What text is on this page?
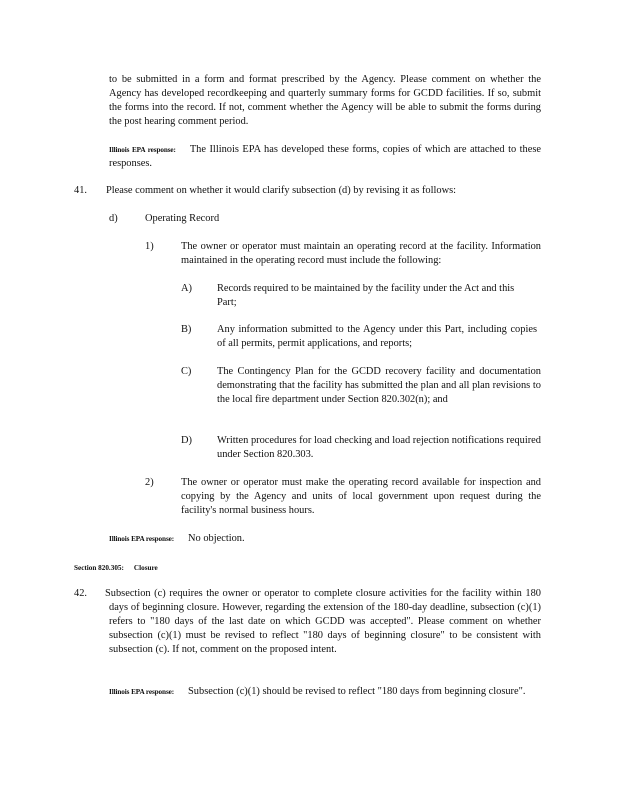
to be submitted in a form and format prescribed by the Agency. Please comment on whether the Agency has developed recordkeeping and quarterly summary forms for GCDD facilities. If so, submit the forms into the record. If not, comment whether the Agency will be able to submit the forms during the post hearing comment period.
Illinois EPA response: The Illinois EPA has developed these forms, copies of which are attached to these responses.
41. Please comment on whether it would clarify subsection (d) by revising it as follows:
d)	Operating Record
1)	The owner or operator must maintain an operating record at the facility. Information maintained in the operating record must include the following:
A) Records required to be maintained by the facility under the Act and this Part;
B) Any information submitted to the Agency under this Part, including copies of all permits, permit applications, and reports;
C) The Contingency Plan for the GCDD recovery facility and documentation demonstrating that the facility has submitted the plan and all plan revisions to the local fire department under Section 820.302(n); and
D) Written procedures for load checking and load rejection notifications required under Section 820.303.
2)	The owner or operator must make the operating record available for inspection and copying by the Agency and units of local government upon request during the facility's normal business hours.
Illinois EPA response: No objection.
Section 820.305: Closure
42. Subsection (c) requires the owner or operator to complete closure activities for the facility within 180 days of beginning closure. However, regarding the extension of the 180-day deadline, subsection (c)(1) refers to "180 days of the last date on which GCDD was accepted". Please comment on whether subsection (c)(1) must be revised to reflect "180 days of beginning closure" to be consistent with subsection (c). If not, comment on the proposed intent.
Illinois EPA response: Subsection (c)(1) should be revised to reflect "180 days from beginning closure".
